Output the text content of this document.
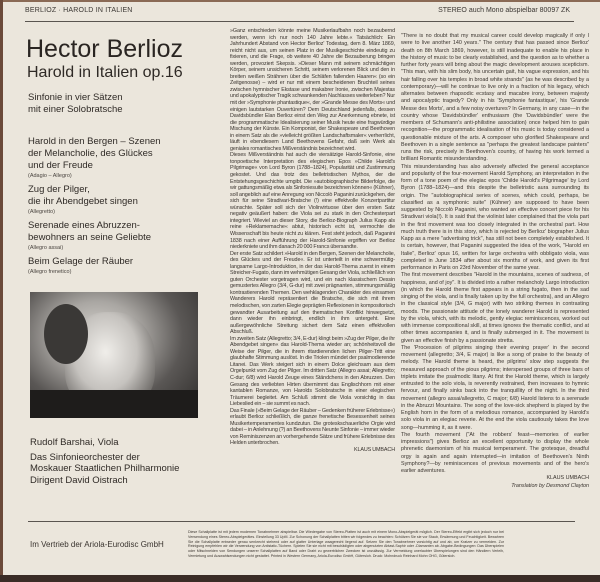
BERLIOZ · HAROLD IN ITALIEN	STEREO auch Mono abspielbar 80097 ZK
Hector Berlioz
Harold in Italien op.16
Sinfonie in vier Sätzen
mit einer Solobratsche
Harold in den Bergen – Szenen
der Melancholie, des Glückes
und der Freude
(Adagio – Allegro)
Zug der Pilger,
die ihr Abendgebet singen
(Allegretto)
Serenade eines Abruzzen-
bewohners an seine Geliebte
(Allegro assai)
Beim Gelage der Räuber
(Allegro frenetico)
Rudolf Barshai, Viola
Das Sinfonieorchester der
Moskauer Staatlichen Philharmonie
Dirigent David Oistrach

»Ganz entschieden könnte meine Musikerlaufbahn noch bezaubernd werden, wenn ich nur noch 140 Jahre lebte.« Tatsächlich: Ein Jahrhundert Abstand von Hector Berlioz' Todestag, dem 8. März 1869, reicht nicht aus, um seinen Platz in der Musikgeschichte eindeutig zu fixieren, und die Frage, ob weitere 40 Jahre die Bezauberung bringen werden, provoziert Skepsis. »Dieser Mann mit seinem schmächtigen Körper, seinem unsicheren Schritt, seinem verlorenen Blick und den in breiten weißen Strähnen über die Schläfen fallenden Haaren« (so ein Zeitgenosse) – wird er nur mit einem bescheidenen Bruchteil seines zwischen hymnischer Ekstase und makabrer Ironie, zwischen Majestas und apokalyptischer Tragik schwankenden Nachlasses weiterleben? Nur mit der »Symphonie phantastique«, der »Grande Messe des Morts« und einigen lautstarken Ouvertüren? Dem Deutschland jedenfalls, dessen Davidsbündler Elan Berlioz einst den Weg zur Anerkennung ebnete, ist die programmatische Idealisierung seiner Musik heute eine fragwürdige Mischung der Künste. Ein Komponist, der Shakespeare und Beethoven in einem Satz als die »vielleicht größten Landschaftsmaler« verherrlicht, läuft in ebendiesem Land Beethovens Gefahr, daß sein Werk als geniales romantisches Mißverständnis bezeichnet wird.

Dieses Mißverständnis hat auch die viersätzige Harold-Sinfonie, eine tonpoetische Interpretation des elegischen Epos »Childe Harold's Pilgrimage« von Lord Byron (1788–1824), Popularität und Zustimmung gekostet. Und das trotz des belletristischen Mythos, der die Entstehungsgeschichte umgibt. Die »autobiographische Bilderfolge, die wir gattungsmäßig etwa als Sinfoniesuite bezeichnen können« (Kühner), soll angeblich auf eine Anregung von Niccolò Paganini zurückgehen, der sich für seine Stradivari-Bratsche (!) eine effektvolle Konzertpartitur wünschte. Später soll sich der Violinvirtuose über den ersten Satz negativ geäußert haben: die Viola sei zu stark in den Orchesterpart integriert. Wieviel an dieser Story, die Berlioz-Biograph Julius Kapp als reine »Reklamemache« abtut, historisch echt ist, vermochte die Wissenschaft bis heute nicht zu klären. Fest steht jedoch, daß Paganini 1838 nach einer Aufführung der Harold-Sinfonie ergriffen vor Berlioz niederkniete und ihm danach 20 000 Francs übersandte.

Der erste Satz schildert »Harold in den Bergen, Szenen der Melancholie, des Glückes und der Freude«. Er ist unterteilt in eine schwermütig-langsame Largo-Introduktion, in der das Harold-Thema zuerst in einem Streicher-Fugato, dann im wehmütigen Gesang der Viola, schließlich von guten Orchester vorgetragen wird, und ein nach klassischem Dessin gemustertes Allegro (3/4, G-dur) mit zwei prägnanten, stimmungsmäßig kontrastierenden Themen. Den wehklagenden Charakter des einsamen Wanderers Harold repräsentiert die Bratsche, die sich mit ihrem melodischen, von zarten Elegie geprägten Reflexionen in kompositorisch gewandter Ausarbeitung auf den thematischen Konflikt hinwegsetzt, dann wieder ihn einbringt, endlich in ihm untergeht. Eine außergewöhnliche Streitung sichert dem Satz einen effektvollen Abschluß.

Im zweiten Satz (Allegretto; 3/4, E-dur) klingt beim »Zug der Pilger, die ihr Abendgebet singen« das Harold-Thema wieder an; schönheitsvoll die Weise der Pilger, die in ihrem ritardierenden lichen Pilger-Tritt eine glaubhafte Stimmung auslöst. In die Triolen mündet der psalmodierende Litanei. Das Werk steigert sich in einem Dolce gleichsam aus dem Orgelpunkt vom Zug der Pilger. Im dritten Satz (Allegro assai; Allegretto; C-dur; 6/8) wird Harold Zeuge eines Ständchens in den Abruzzen. Den Gesang des verliebten Hirten übernimmt das Englischhorn mit einer kantablen Romanze, von Harolds Solobratsche in einer elegischen Träumerei begleitet. Am Schluß stimmt die Viola vorsichtig in das Liebeslied ein – sie summt es nach.

Das Finale (»Beim Gelage der Räuber – Gedenken früherer Erlebnisse«) erlaubt Berlioz schließlich, die ganze frenetische Besessenheit seines Musikertemperamentes kundzutun. Die groteskschauerliche Orgie wird dabei – in Anlehnung (?) an Beethovens Neunte Sinfonie – immer wieder von Reminiszenzen an vorhergehende Sätze und frühere Erlebnisse des Helden unterbrochen.

KLAUS UMBACH

"There is no doubt that my musical career could develop magically if only I were to live another 140 years." The century that has passed since Berlioz' death on 8th March 1869, however, is still inadequate to enable his place in the history of music to be clearly established, and the question as to whether a further forty years will bring about the magic development arouses scepticism. "This man, with his slim body, his uncertain gait, his vague expression, and his hair falling over his temples in broad white strands" (as he was described by a contemporary)—will he continue to live only in a fraction of his legacy, which alternates between rhapsodic ecstasy and macabre irony, between majesty and apocalyptic tragedy? Only in his 'Symphonie fantastique', his 'Grande Messe des Morts', and a few noisy overtures? In Germany, in any case—in the country whose 'Davidsbündler' enthusiasm (the 'Davidsbündler' were the members of Schumann's anti-philistine association) once helped him to gain recognition—the programmatic idealisation of his music is today considered a questionable mixture of the arts. A composer who glorified Shakespeare and Beethoven in a single sentence as "perhaps the greatest landscape painters" runs the risk, precisely in Beethoven's country, of having his work termed a brilliant Romantic misunderstanding.

This misunderstanding has also adversely affected the general acceptance and popularity of the four-movement Harold Symphony, an interpretation in the form of a tone poem of the elegiac epos 'Childe Harold's Pilgrimage' by Lord Byron (1788–1824)—and this despite the belletristic aura surrounding its origin. The "autobiographical series of scenes, which could, perhaps, be classified as a symphonic suite" (Kühner) are supposed to have been suggested by Niccolò Paganini, who wanted an effective concert piece for his Stradivari viola(!). It is said that the violinist later complained that the viola part in the first movement was too closely integrated in the orchestral part. How much truth there is in this story, which is rejected by Berlioz' biographer Julius Kapp as a mere "advertising trick", has still not been completely established. It is certain, however, that Paganini suggested the idea of the work, "Harold en Italie", Berlioz' opus 16, written for large orchestra with obbligato viola, was completed in June 1834 after about six months of work, and given its first performance in Paris on 23rd November of the same year.

The first movement describes "Harold in the mountains, scenes of sadness, of happiness, and of joy". It is divided into a rather melancholy Largo introduction (in which the Harold theme first appears in a string fugato, then in the sad singing of the viola, and is finally taken up by the full orchestra), and an Allegro in the classical style (3/4, G major) with two striking themes in contrasting moods. The passionate attitude of the lonely wanderer Harold is represented by the viola, which, with its melodic, gently elegiac reminiscences, worked out with immense compositional skill, at times ignores the thematic conflict, and at other times accompanies it, and is finally submerged in it. The movement is given an effective finish by a passionate stretta.

The 'Procession of pilgrims singing their evening prayer' in the second movement (allegretto; 3/4, E major) is like a song of praise to the beauty of melody. The Harold theme is heard, the pilgrims' slow step suggests the measured approach of the pious pilgrims; interspersed groups of three bars of triplets imitate the psalmodic litany. At first the Harold theme, which is largely entrusted to the solo viola, is reverently restrained, then increases to hymnic fervour, and finally sinks back into the tranquillity of the night. In the third movement (allegro assai/allegretto, C major; 6/8) Harold listens to a serenade in the Abruzzi Mountains. The song of the love-sick shepherd is played by the English horn in the form of a melodious romance, accompanied by Harold's solo viola in an elegiac reverie. At the end the viola cautiously takes the love song—humming it, as it were.

The fourth movement ("At the robbers' feast—memories of earlier impressions") gives Berlioz an excellent opportunity to display the whole phrenetic daemonism of his musical temperament. The grotesque, dreadful orgy is again and again interrupted—in imitation of Beethoven's Ninth Symphony?—by reminiscences of previous movements and of the hero's earlier adventures.

KLAUS UMBACH

Translation by Desmond Clayton

Im Vertrieb der Ariola-Eurodisc GmbH
Diese Schallplatte ist mit jedem modernen Tonabnehmer abspielbar. Die Wiedergabe von Stereo-Platten ist auch mit einem Mono-Abspielgerät möglich. Der Stereo-Effekt ergibt sich jedoch nur bei Verwendung eines Stereo-Abspielgerätes. Einstellung 33 UpM. Zur Schonung der Schallplatten bitten wir folgendes zu beachten: Schützen Sie sie vor Staub, Erwärmung und Feuchtigkeit. Bewahren Sie die Schallplatte entweder genau senkrecht stehend oder auf glatter Unterlage waagerecht liegend auf. Setzen Sie den Tonabnehmer vorsichtig auf und ab, um Kratzer zu vermeiden. Zur Reinigung empfehlen wir die Verwendung von Antistatic-Tüchern. Spielen Sie sie nicht mit beschädigten oder abgenutzten Abtast-Saphir oder -Diamanten ab. Abgabe-Bedingungen: Das Überspielen oder Mitschneiden von Sendungen unserer Schallplatten auf Band oder Draht zu gewerblichen Zwecken ist unzulässig. Zur Vermeidung unerlaubter Überspielungen sind den Händlern Verleih, Vermietung und Auswahlsendungen nicht gestattet. Printed in Western Germany, Ariola-Eurodisc GmbH, Gütersloh. Druck: Mohndruck Reinhard Mohn OHG, Gütersloh.
